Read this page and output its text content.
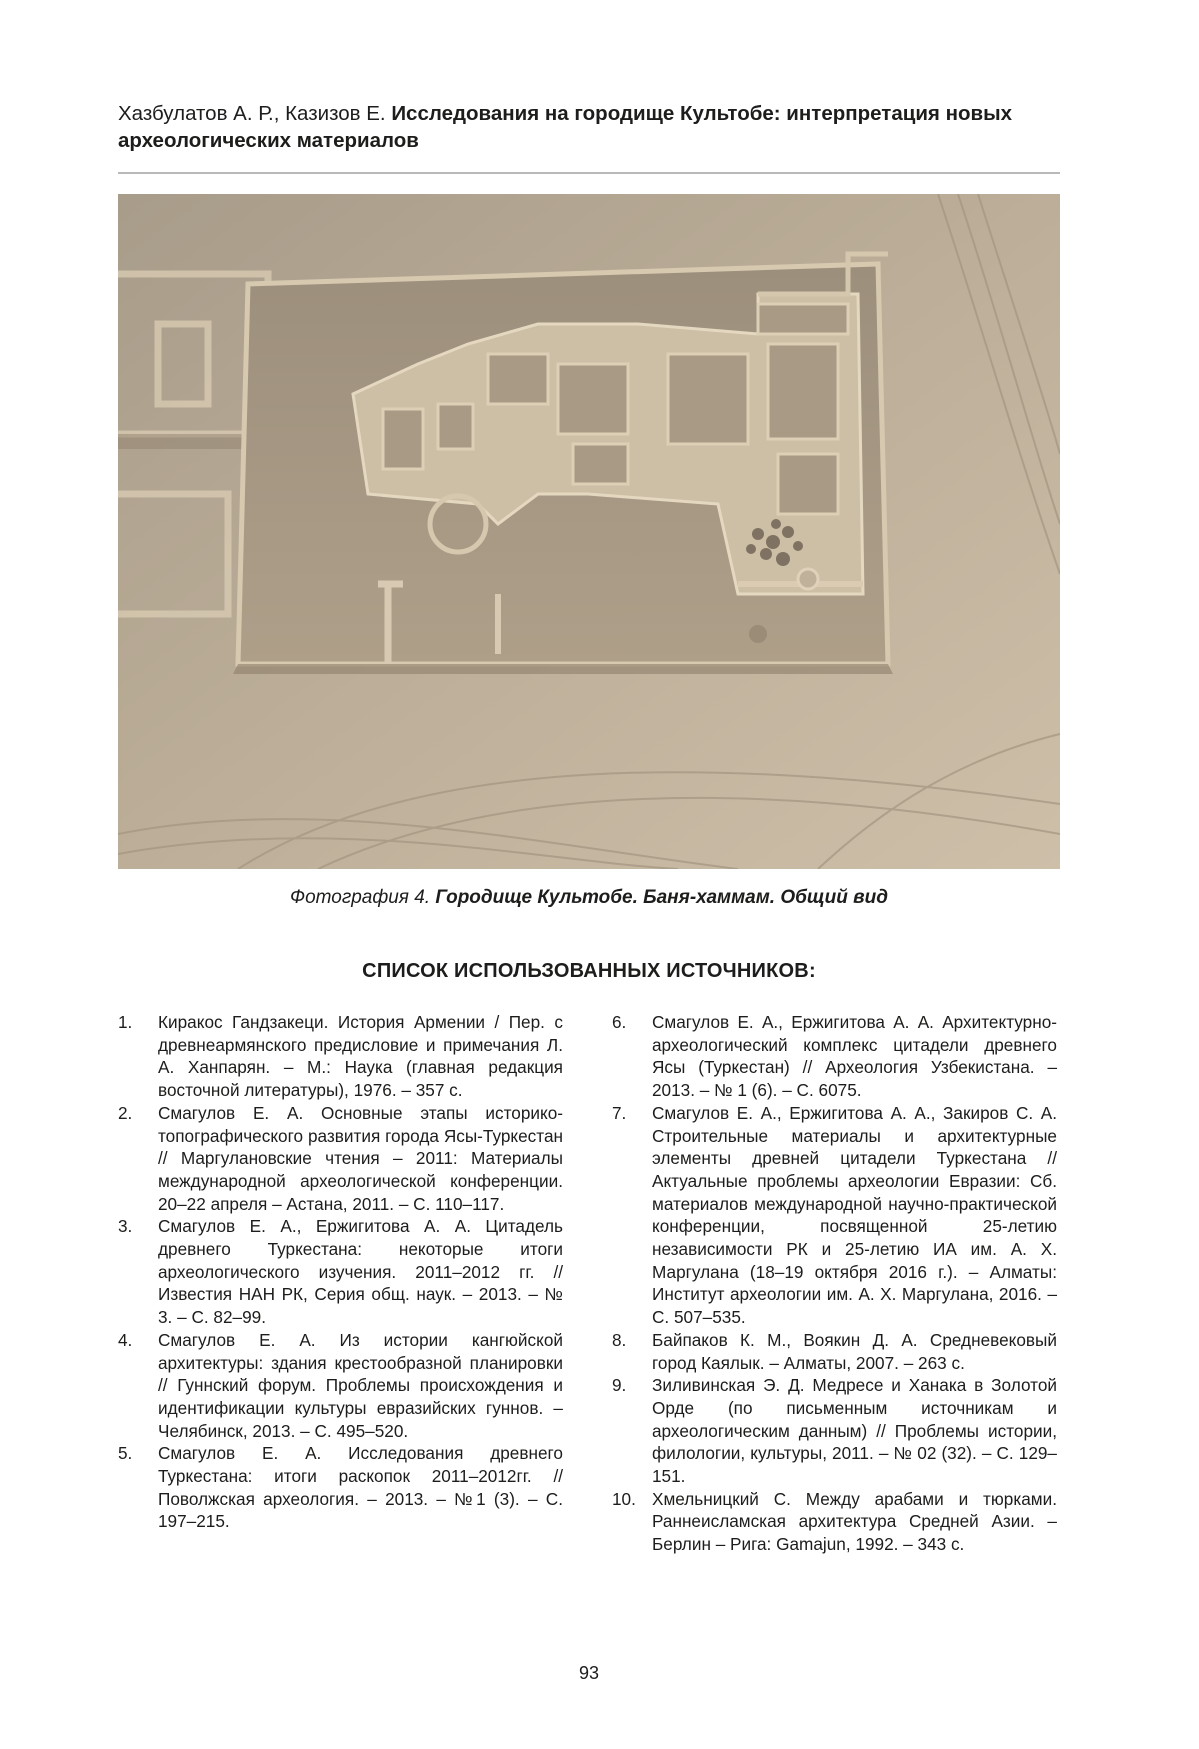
Хазбулатов А. Р., Казизов Е. Исследования на городище Культобе: интерпретация новых археологических материалов
Фотография 4. Городище Культобе. Баня-хаммам. Общий вид
СПИСОК ИСПОЛЬЗОВАННЫХ ИСТОЧНИКОВ:
1.	Киракос Гандзакеци. История Армении / Пер. с древнеармянского предисловие и примечания Л. А. Ханпарян. – М.: Наука (главная редакция восточной литературы), 1976. – 357 с.
2.	Смагулов Е. А. Основные этапы историко-топографического развития города Ясы-Туркестан // Маргулановские чтения – 2011: Материалы международной археологической конференции. 20–22 апреля – Астана, 2011. – С. 110–117.
3.	Смагулов Е. А., Ержигитова А. А. Цитадель древнего Туркестана: некоторые итоги археологического изучения. 2011–2012 гг. // Известия НАН РК, Серия общ. наук. – 2013. – № 3. – С. 82–99.
4.	Смагулов Е. А. Из истории кангюйской архитектуры: здания крестообразной планировки // Гуннский форум. Проблемы происхождения и идентификации культуры евразийских гуннов. – Челябинск, 2013. – С. 495–520.
5.	Смагулов Е. А. Исследования древнего Туркестана: итоги раскопок 2011–2012гг. // Поволжская археология. – 2013. – №1 (3). – С. 197–215.
6.	Смагулов Е. А., Ержигитова А. А. Архитектурно-археологический комплекс цитадели древнего Ясы (Туркестан) // Археология Узбекистана. – 2013. – № 1 (6). – С. 6075.
7.	Смагулов Е. А., Ержигитова А. А., Закиров С. А. Строительные материалы и архитектурные элементы древней цитадели Туркестана // Актуальные проблемы археологии Евразии: Сб. материалов международной научно-практической конференции, посвященной 25-летию независимости РК и 25-летию ИА им. А. Х. Маргулана (18–19 октября 2016 г.). – Алматы: Институт археологии им. А. Х. Маргулана, 2016. – С. 507–535.
8.	Байпаков К. М., Воякин Д. А. Средневековый город Каялык. – Алматы, 2007. – 263 с.
9.	Зиливинская Э. Д. Медресе и Ханака в Золотой Орде (по письменным источникам и археологическим данным) // Проблемы истории, филологии, культуры, 2011. – № 02 (32). – С. 129–151.
10. Хмельницкий С. Между арабами и тюрками. Раннеисламская архитектура Средней Азии. – Берлин – Рига: Gamajun, 1992. – 343 с.
93
